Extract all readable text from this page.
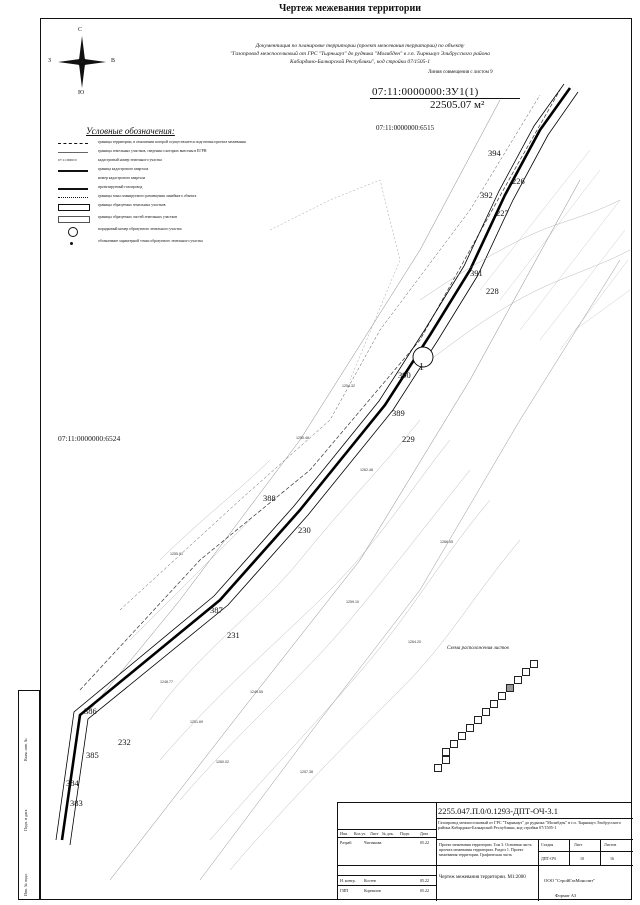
Чертеж межевания территории
Документация по планировке территории (проект межевания территории) по объекту
"Газопровод межпоселковый от ГРС "Тырныауз" до рудника "Молибден" в г.п. Тырныауз Эльбрусского района
Кабардино-Балкарской Республики", код стройки 07/1505-1
394
392
391
390
389
388
387
386
385
384
383
226
227
228
229
230
231
232
1
1250.46
1254.32
1262.48
1255.91
1248.77
1259.10
1264.20
1266.05
1249.55
1251.69
1257.38
1260.02
С
Ю
З	В
Линия совмещения с листом 9
07:11:0000000:ЗУ1(1)
22505.07 м²
07:11:0000000:6515
07:11:0000000:6524
Условные обозначения:
границы территории, в отношении которой осуществляется подготовка проекта межевания
границы земельных участков, сведения о которых внесены в ЕГРН
07:11:0000:0	кадастровый номер земельного участка
граница кадастрового квартала
номер кадастрового квартала
проектируемый газопровод
границы зоны планируемого размещения линейного объекта
границы образуемых земельных участков
границы образуемых частей земельных участков
порядковый номер образуемого земельного участка
обозначение характерной точки образуемого земельного участка
Схема расположения листов
Инв. № подл.
Подп. и дата
Взам. инв. №
2255.047.П.0/0.1293-ДПТ-ОЧ-3.1
Газопровод межпоселковый от ГРС "Тырныауз" до рудника "Молибден" в г.п. Тырныауз Эльбрусского района Кабардино-Балкарской Республики, код стройки 07/1505-1
Изм. Кол.уч Лист № док. Подп.	Дата
Разраб.	Чистякова	05.22
Н. контр. Костев	05.22
ГИП	Корнилов	05.22
Проект межевания территории. Том 3. Основная часть проекта межевания территории. Раздел 1. Проект межевания территории. Графическая часть
Стадия	Лист	Листов
ДПТ-ОЧ	10	16
Чертеж межевания территории. М1:2000
ООО "СтройГазМонолит"
Формат А3
